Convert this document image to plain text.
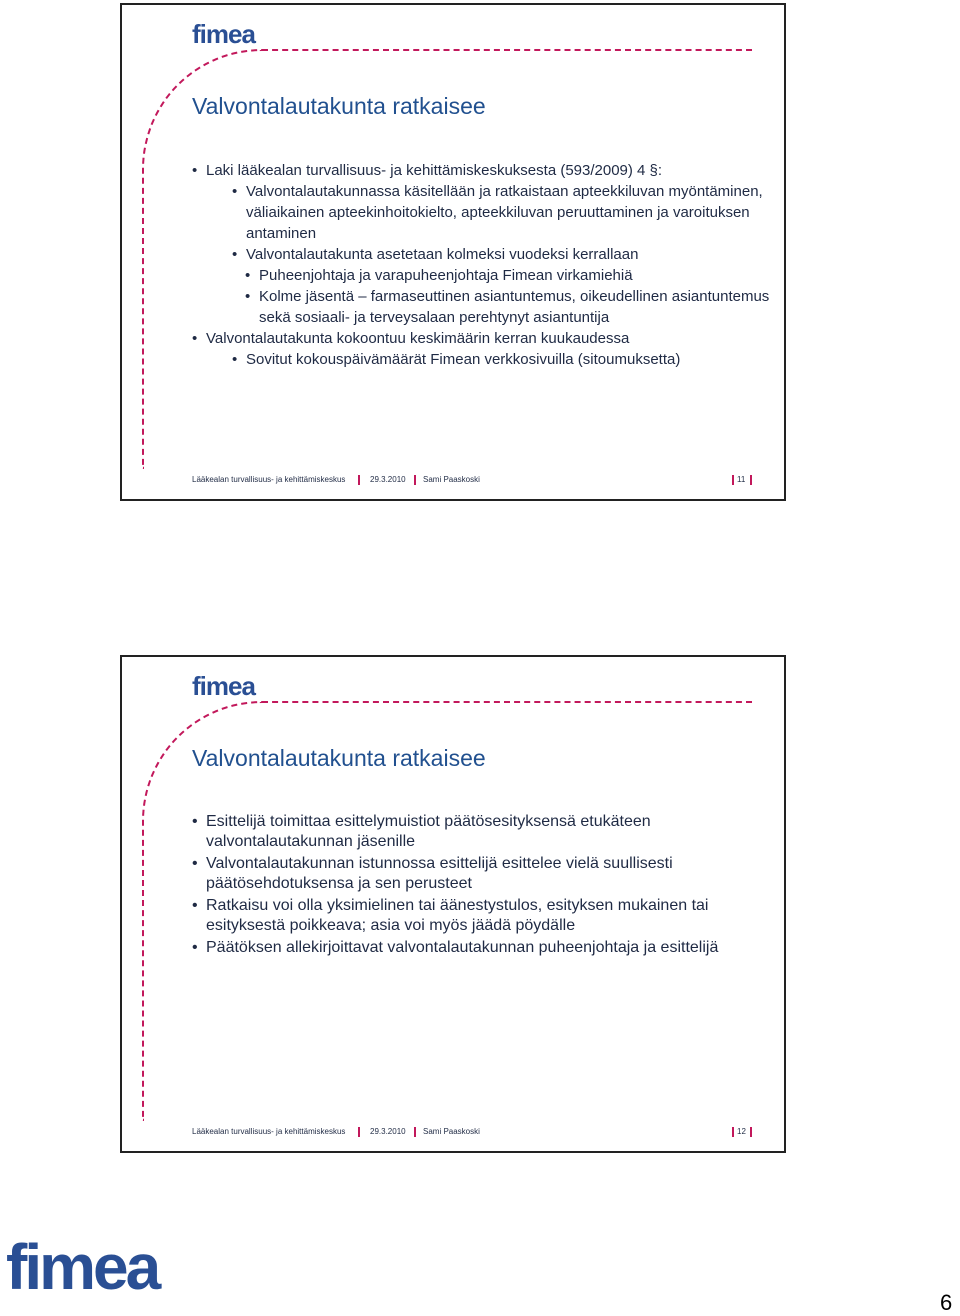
fimea
Valvontalautakunta ratkaisee

• Laki lääkealan turvallisuus- ja kehittämiskeskuksesta (593/2009) 4 §:

• Valvontalautakunnassa käsitellään ja ratkaistaan apteekkiluvan myöntäminen, väliaikainen apteekinhoitokielto, apteekkiluvan peruuttaminen ja varoituksen antaminen

• Valvontalautakunta asetetaan kolmeksi vuodeksi kerrallaan

• Puheenjohtaja ja varapuheenjohtaja Fimean virkamiehiä

• Kolme jäsentä – farmaseuttinen asiantuntemus, oikeudellinen asiantuntemus sekä sosiaali- ja terveysalaan perehtynyt asiantuntija

• Valvontalautakunta kokoontuu keskimäärin kerran kuukaudessa

• Sovitut kokouspäivämäärät Fimean verkkosivuilla (sitoumuksetta)

Lääkealan turvallisuus- ja kehittämiskeskus	29.3.2010 Sami Paaskoski	11
fimea
Valvontalautakunta ratkaisee

• Esittelijä toimittaa esittelymuistiot päätösesityksensä etukäteen valvontalautakunnan jäsenille

• Valvontalautakunnan istunnossa esittelijä esittelee vielä suullisesti päätösehdotuksensa ja sen perusteet

• Ratkaisu voi olla yksimielinen tai äänestystulos, esityksen mukainen tai esityksestä poikkeava; asia voi myös jäädä pöydälle

• Päätöksen allekirjoittavat valvontalautakunnan puheenjohtaja ja esittelijä

Lääkealan turvallisuus- ja kehittämiskeskus	29.3.2010 Sami Paaskoski	12
fimea	6
